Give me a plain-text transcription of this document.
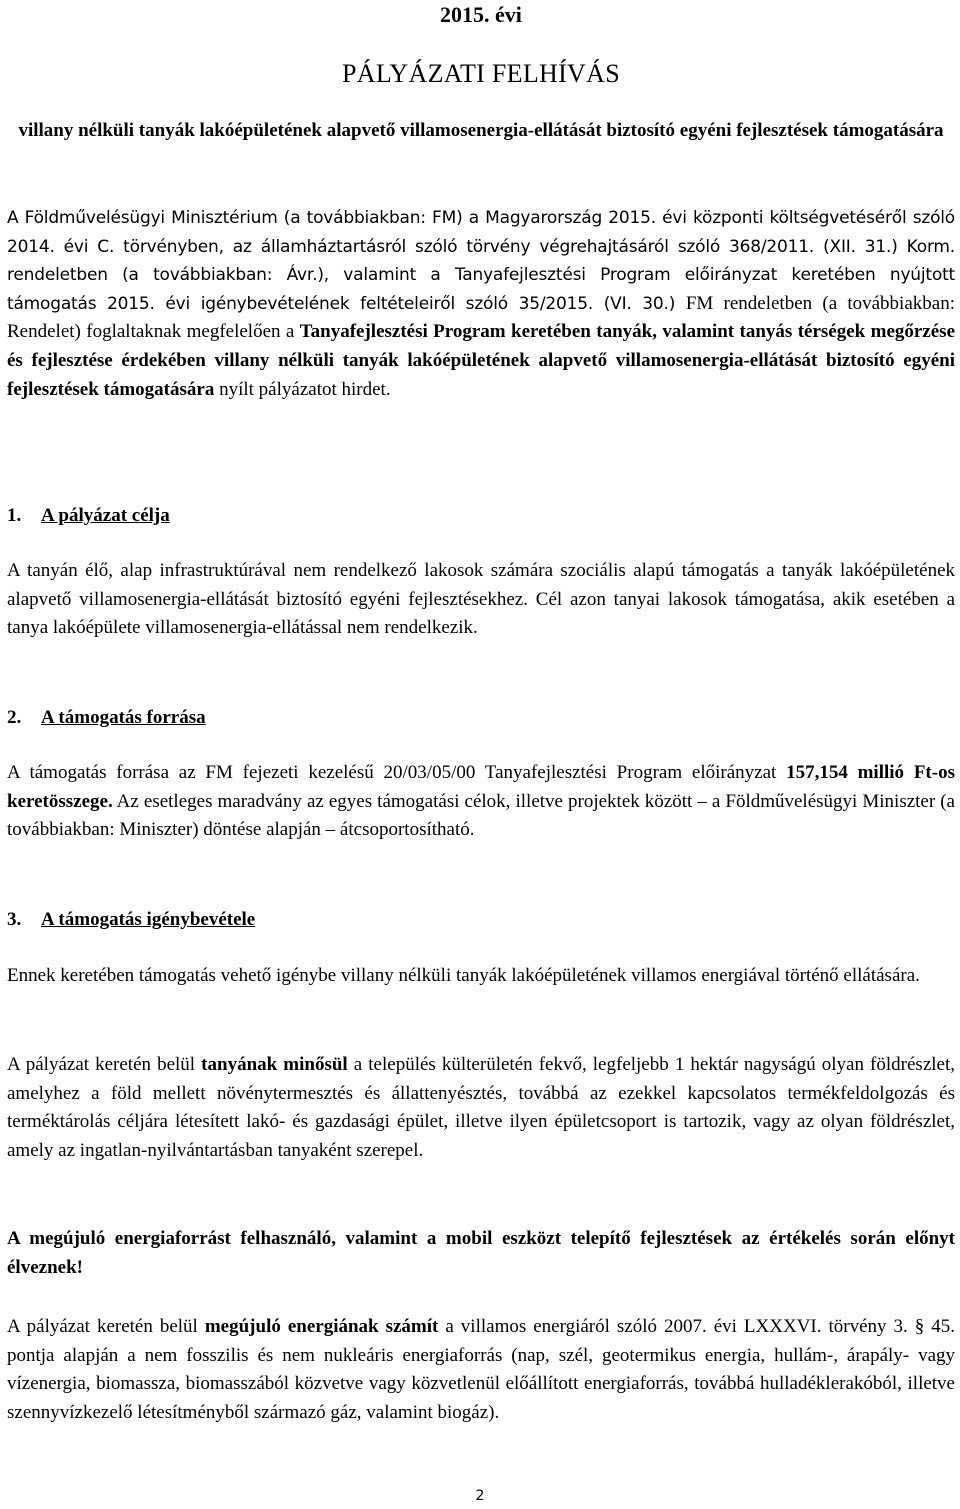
2015. évi
PÁLYÁZATI FELHÍVÁS
villany nélküli tanyák lakóépületének alapvető villamosenergia-ellátását biztosító egyéni fejlesztések támogatására
A Földművelésügyi Minisztérium (a továbbiakban: FM) a Magyarország 2015. évi központi költségvetéséről szóló 2014. évi C. törvényben, az államháztartásról szóló törvény végrehajtásáról szóló 368/2011. (XII. 31.) Korm. rendeletben (a továbbiakban: Ávr.), valamint a Tanyafejlesztési Program előirányzat keretében nyújtott támogatás 2015. évi igénybevételének feltételeiről szóló 35/2015. (VI. 30.) FM rendeletben (a továbbiakban: Rendelet) foglaltaknak megfelelően a Tanyafejlesztési Program keretében tanyák, valamint tanyás térségek megőrzése és fejlesztése érdekében villany nélküli tanyák lakóépületének alapvető villamosenergia-ellátását biztosító egyéni fejlesztések támogatására nyílt pályázatot hirdet.
1. A pályázat célja
A tanyán élő, alap infrastruktúrával nem rendelkező lakosok számára szociális alapú támogatás a tanyák lakóépületének alapvető villamosenergia-ellátását biztosító egyéni fejlesztésekhez. Cél azon tanyai lakosok támogatása, akik esetében a tanya lakóépülete villamosenergia-ellátással nem rendelkezik.
2. A támogatás forrása
A támogatás forrása az FM fejezeti kezelésű 20/03/05/00 Tanyafejlesztési Program előirányzat 157,154 millió Ft-os keretösszege. Az esetleges maradvány az egyes támogatási célok, illetve projektek között – a Földművelésügyi Miniszter (a továbbiakban: Miniszter) döntése alapján – átcsoportosítható.
3. A támogatás igénybevétele
Ennek keretében támogatás vehető igénybe villany nélküli tanyák lakóépületének villamos energiával történő ellátására.
A pályázat keretén belül tanyának minősül a település külterületén fekvő, legfeljebb 1 hektár nagyságú olyan földrészlet, amelyhez a föld mellett növénytermesztés és állattenyésztés, továbbá az ezekkel kapcsolatos termékfeldolgozás és terméktárolás céljára létesített lakó- és gazdasági épület, illetve ilyen épületcsoport is tartozik, vagy az olyan földrészlet, amely az ingatlan-nyilvántartásban tanyaként szerepel.
A megújuló energiaforrást felhasználó, valamint a mobil eszközt telepítő fejlesztések az értékelés során előnyt élveznek!
A pályázat keretén belül megújuló energiának számít a villamos energiáról szóló 2007. évi LXXXVI. törvény 3. § 45. pontja alapján a nem fosszilis és nem nukleáris energiaforrás (nap, szél, geotermikus energia, hullám-, árapály- vagy vízenergia, biomassza, biomasszából közvetve vagy közvetlenül előállított energiaforrás, továbbá hulladéklerakóból, illetve szennyvízkezelő létesítményből származó gáz, valamint biogáz).
2
